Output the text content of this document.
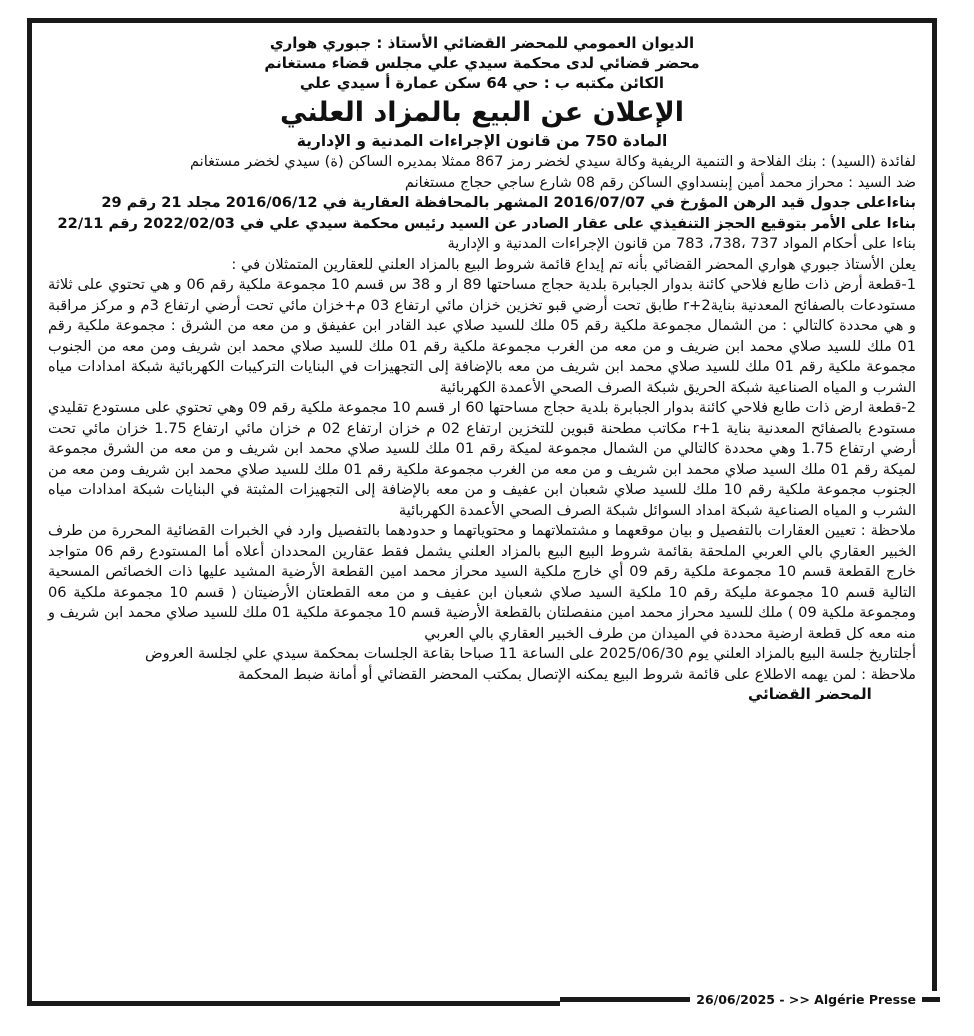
الديوان العمومي للمحضر القضائي الأستاذ : جبوري هواري
محضر قضائي لدى محكمة سيدي علي مجلس قضاء مستغانم
الكائن مكتبه ب : حي 64 سكن عمارة أ سيدي علي
الإعلان عن البيع بالمزاد العلني
المادة 750 من قانون الإجراءات المدنية و الإدارية

لفائدة (السيد) : بنك الفلاحة و التنمية الريفية وكالة سيدي لخضر رمز 867 ممثلا بمديره الساكن (ة) سيدي لخضر مستغانم

ضد السيد : محراز محمد أمين إبنسداوي الساكن رقم 08 شارع ساجي حجاج مستغانم

بناءاعلى جدول قيد الرهن المؤرخ في 2016/07/07 المشهر بالمحافظة العقارية في 2016/06/12 مجلد 21 رقم 29

بناءا على الأمر بتوقيع الحجز التنفيذي على عقار الصادر عن السيد رئيس محكمة سيدي علي في 2022/02/03 رقم 22/11

بناءا على أحكام المواد 737 ،738، 783 من قانون الإجراءات المدنية و الإدارية

يعلن الأستاذ جبوري هواري المحضر القضائي بأنه تم إيداع قائمة شروط البيع بالمزاد العلني للعقارين المتمثلان في :

1-قطعة أرض ذات طابع فلاحي كائنة بدوار الجبابرة بلدية حجاج مساحتها 89 ار و 38 س قسم 10 مجموعة ملكية رقم 06 و هي تحتوي على ثلاثة مستودعات بالصفائح المعدنية بناية2+r طابق تحت أرضي قبو تخزين خزان مائي ارتفاع 03 م+خزان مائي تحت أرضي ارتفاع 3م و مركز مراقبة و هي محددة كالتالي : من الشمال مجموعة ملكية رقم 05 ملك للسيد صلاي عبد القادر ابن عفيفق و من معه من الشرق : مجموعة ملكية رقم 01 ملك للسيد صلاي محمد ابن ضريف و من معه من الغرب مجموعة ملكية رقم 01 ملك للسيد صلاي محمد ابن شريف ومن معه من الجنوب مجموعة ملكية رقم 01 ملك للسيد صلاي محمد ابن شريف من معه بالإضافة إلى التجهيزات في البنايات التركيبات الكهربائية شبكة امدادات مياه الشرب و المياه الصناعية شبكة الحريق شبكة الصرف الصحي الأعمدة الكهربائية

2-قطعة ارض ذات طابع فلاحي كائنة بدوار الجبابرة بلدية حجاج مساحتها 60 ار قسم 10 مجموعة ملكية رقم 09 وهي تحتوي على مستودع تقليدي مستودع بالصفائح المعدنية بناية 1+r مكاتب مطحنة قبوين للتخزين ارتفاع 02 م خزان ارتفاع 02 م خزان مائي ارتفاع 1.75 خزان مائي تحت أرضي ارتفاع 1.75 وهي محددة كالتالي من الشمال مجموعة لميكة رقم 01 ملك للسيد صلاي محمد ابن شريف و من معه من الشرق مجموعة لميكة رقم 01 ملك السيد صلاي محمد ابن شريف و من معه من الغرب مجموعة ملكية رقم 01 ملك للسيد صلاي محمد ابن شريف ومن معه من الجنوب مجموعة ملكية رقم 10 ملك للسيد صلاي شعبان ابن عفيف و من معه بالإضافة إلى التجهيزات المثبتة في البنايات شبكة امدادات مياه الشرب و المياه الصناعية شبكة امداد السوائل شبكة الصرف الصحي الأعمدة الكهربائية

ملاحظة : تعيين العقارات بالتفصيل و بيان موقعهما و مشتملاتهما و محتوياتهما و حدودهما بالتفصيل وارد في الخبرات القضائية المحررة من طرف الخبير العقاري بالي العربي الملحقة بقائمة شروط البيع البيع بالمزاد العلني يشمل فقط عقارين المحددان أعلاه أما المستودع رقم 06 متواجد خارج القطعة قسم 10 مجموعة ملكية رقم 09 أي خارج ملكية السيد محراز محمد امين القطعة الأرضية المشيد عليها ذات الخصائص المسحية التالية قسم 10 مجموعة مليكة رقم 10 ملكية السيد صلاي شعبان ابن عفيف و من معه القطعتان الأرضيتان ( قسم 10 مجموعة ملكية 06 ومجموعة ملكية 09 ) ملك للسيد محراز محمد امين منفصلتان بالقطعة الأرضية قسم 10 مجموعة ملكية 01 ملك للسيد صلاي محمد ابن شريف و منه معه كل قطعة ارضية محددة في الميدان من طرف الخبير العقاري بالي العربي

أجلتاريخ جلسة البيع بالمزاد العلني يوم 2025/06/30 على الساعة 11 صباحا بقاعة الجلسات بمحكمة سيدي علي لجلسة العروض

ملاحظة : لمن يهمه الاطلاع على قائمة شروط البيع يمكنه الإتصال بمكتب المحضر القضائي أو أمانة ضبط المحكمة

المحضر القضائي
26/06/2025 - >> Algérie Presse
